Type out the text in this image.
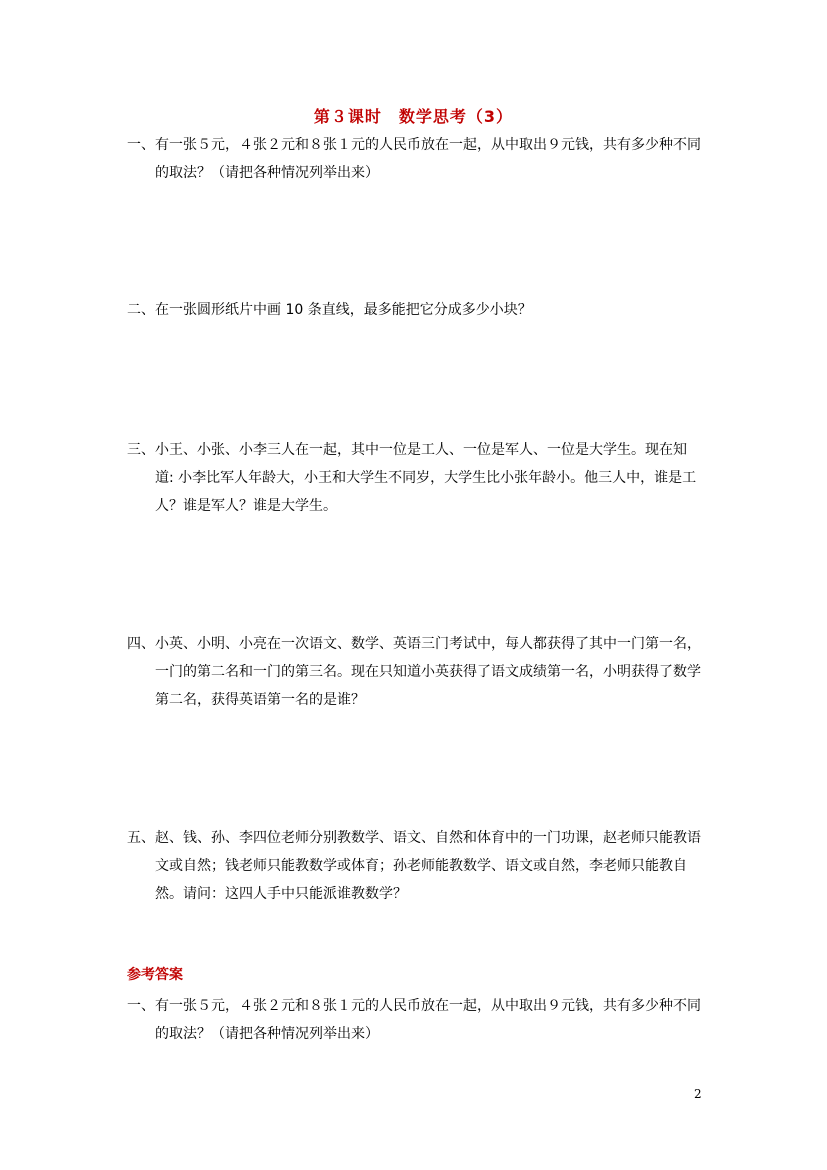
第３课时　数学思考（3）

一、有一张５元，４张２元和８张１元的人民币放在一起，从中取出９元钱，共有多少种不同的取法？（请把各种情况列举出来）

二、在一张圆形纸片中画 10 条直线，最多能把它分成多少小块？

三、小王、小张、小李三人在一起，其中一位是工人、一位是军人、一位是大学生。现在知道: 小李比军人年龄大，小王和大学生不同岁，大学生比小张年龄小。他三人中，谁是工人？谁是军人？谁是大学生。

四、小英、小明、小亮在一次语文、数学、英语三门考试中，每人都获得了其中一门第一名，一门的第二名和一门的第三名。现在只知道小英获得了语文成绩第一名，小明获得了数学第二名，获得英语第一名的是谁？

五、赵、钱、孙、李四位老师分别教数学、语文、自然和体育中的一门功课，赵老师只能教语文或自然；钱老师只能教数学或体育；孙老师能教数学、语文或自然，李老师只能教自然。请问：这四人手中只能派谁教数学？

参考答案

一、有一张５元，４张２元和８张１元的人民币放在一起，从中取出９元钱，共有多少种不同的取法？（请把各种情况列举出来）

2
